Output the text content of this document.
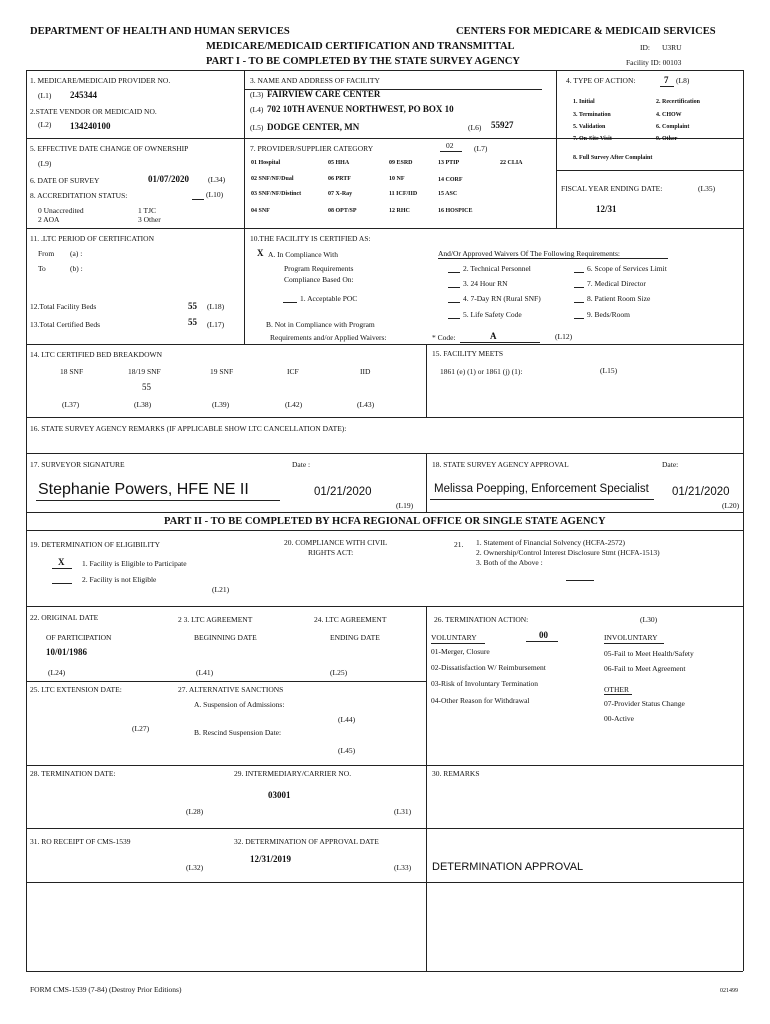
DEPARTMENT OF HEALTH AND HUMAN SERVICES	CENTERS FOR MEDICARE & MEDICAID SERVICES
MEDICARE/MEDICAID CERTIFICATION AND TRANSMITTAL	ID: U3RU
PART I - TO BE COMPLETED BY THE STATE SURVEY AGENCY	Facility ID: 00103
1. MEDICARE/MEDICAID PROVIDER NO.
(L1) 245344
2.STATE VENDOR OR MEDICAID NO.
(L2) 134240100
3. NAME AND ADDRESS OF FACILITY
(L3) FAIRVIEW CARE CENTER
(L4) 702 10TH AVENUE NORTHWEST, PO BOX 10
(L5) DODGE CENTER, MN	(L6) 55927
4. TYPE OF ACTION:	7 (L8)
1. Initial	2. Recertification
3. Termination	4. CHOW
5. Validation	6. Complaint
7. On-Site Visit	9. Other
8. Full Survey After Complaint
5. EFFECTIVE DATE CHANGE OF OWNERSHIP
(L9)
6. DATE OF SURVEY	01/07/2020	(L34)
8. ACCREDITATION STATUS:	(L10)
0 Unaccredited	1 TJC
2 AOA	3 Other
7. PROVIDER/SUPPLIER CATEGORY	02	(L7)
01 Hospital	05 HHA	09 ESRD	13 PTIP	22 CLIA
02 SNF/NF/Dual	06 PRTF	10 NF	14 CORF
03 SNF/NF/Distinct	07 X-Ray	11 ICF/IID	15 ASC
04 SNF	08 OPT/SP	12 RHC	16 HOSPICE
FISCAL YEAR ENDING DATE:	(L35)
12/31
11. .LTC PERIOD OF CERTIFICATION
From (a) :
To	(b) :
12.Total Facility Beds	55 (L18)
13.Total Certified Beds	55 (L17)
10.THE FACILITY IS CERTIFIED AS:
X A. In Compliance With
Program Requirements
Compliance Based On:
1. Acceptable POC
B. Not in Compliance with Program
Requirements and/or Applied Waivers:
And/Or Approved Waivers Of The Following Requirements:
2. Technical Personnel
3. 24 Hour RN
4. 7-Day RN (Rural SNF)
5. Life Safety Code
6. Scope of Services Limit
7. Medical Director
8. Patient Room Size
9. Beds/Room
* Code:	A	(L12)
14. LTC CERTIFIED BED BREAKDOWN
18 SNF	18/19 SNF	19 SNF	ICF	IID
55
(L37)	(L38)	(L39)	(L42)	(L43)
15. FACILITY MEETS
1861 (e) (1) or 1861 (j) (1):	(L15)
16. STATE SURVEY AGENCY REMARKS (IF APPLICABLE SHOW LTC CANCELLATION DATE):
17. SURVEYOR SIGNATURE	Date :
Stephanie Powers, HFE NE II	01/21/2020
(L19)
18. STATE SURVEY AGENCY APPROVAL	Date:
Melissa Poepping, Enforcement Specialist 01/21/2020
(L20)
PART II - TO BE COMPLETED BY HCFA REGIONAL OFFICE OR SINGLE STATE AGENCY
19. DETERMINATION OF ELIGIBILITY
X 1. Facility is Eligible to Participate
2. Facility is not Eligible
(L21)
20. COMPLIANCE WITH CIVIL
RIGHTS ACT:
21. 1. Statement of Financial Solvency (HCFA-2572)
2. Ownership/Control Interest Disclosure Stmt (HCFA-1513)
3. Both of the Above :
22. ORIGINAL DATE
OF PARTICIPATION
10/01/1986
(L24)
2 3. LTC AGREEMENT
BEGINNING DATE
(L41)
24. LTC AGREEMENT
ENDING DATE
(L25)
25. LTC EXTENSION DATE:
(L27)
27. ALTERNATIVE SANCTIONS
A. Suspension of Admissions:
(L44)
B. Rescind Suspension Date:
(L45)
26. TERMINATION ACTION:	(L30)
VOLUNTARY	00	INVOLUNTARY
01-Merger, Closure
02-Dissatisfaction W/ Reimbursement
03-Risk of Involuntary Termination
04-Other Reason for Withdrawal
05-Fail to Meet Health/Safety
06-Fail to Meet Agreement
OTHER
07-Provider Status Change
00-Active
28. TERMINATION DATE:
(L28)
29. INTERMEDIARY/CARRIER NO.
03001
(L31)
30. REMARKS
31. RO RECEIPT OF CMS-1539
(L32)
32. DETERMINATION OF APPROVAL DATE
12/31/2019
(L33) DETERMINATION APPROVAL
FORM CMS-1539 (7-84) (Destroy Prior Editions)	021499
